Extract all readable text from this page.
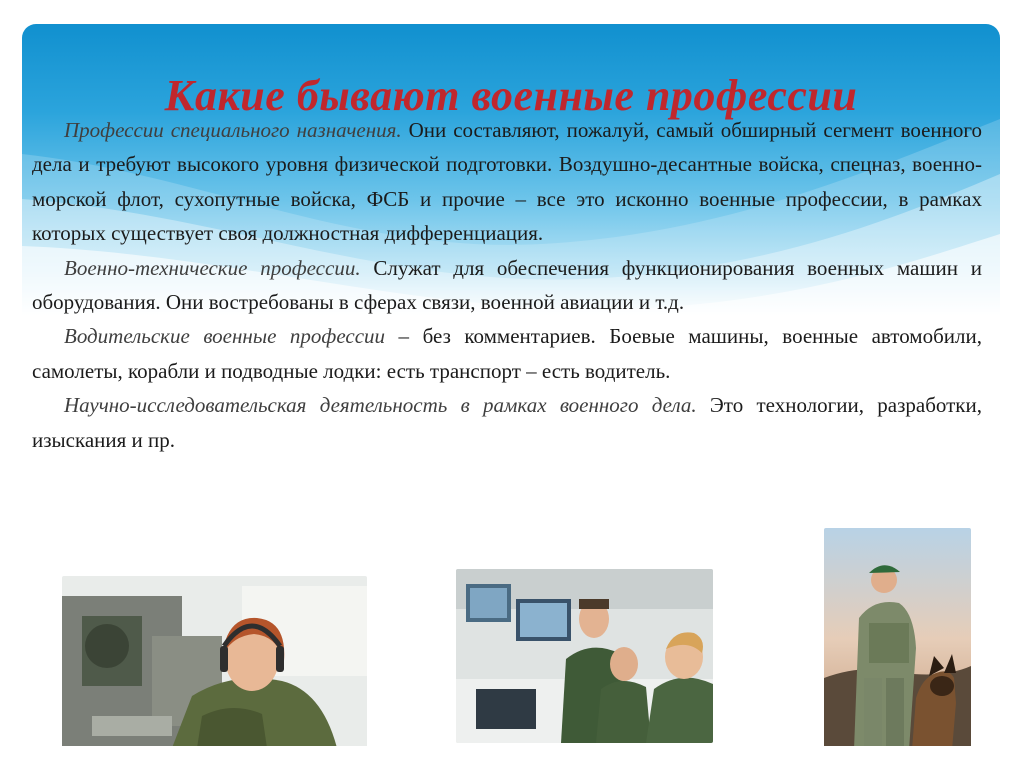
Какие бывают военные профессии

Профессии специального назначения. Они составляют, пожалуй, самый обширный сегмент военного дела и требуют высокого уровня физической подготовки. Воздушно-десантные войска, спецназ, военно-морской флот, сухопутные войска, ФСБ и прочие – все это исконно военные профессии, в рамках которых существует своя должностная дифференциация.

Военно-технические профессии. Служат для обеспечения функционирования военных машин и оборудования. Они востребованы в сферах связи, военной авиации и т.д.

Водительские военные профессии – без комментариев. Боевые машины, военные автомобили, самолеты, корабли и подводные лодки: есть транспорт – есть водитель.

Научно-исследовательская деятельность в рамках военного дела. Это технологии, разработки, изыскания и пр.
